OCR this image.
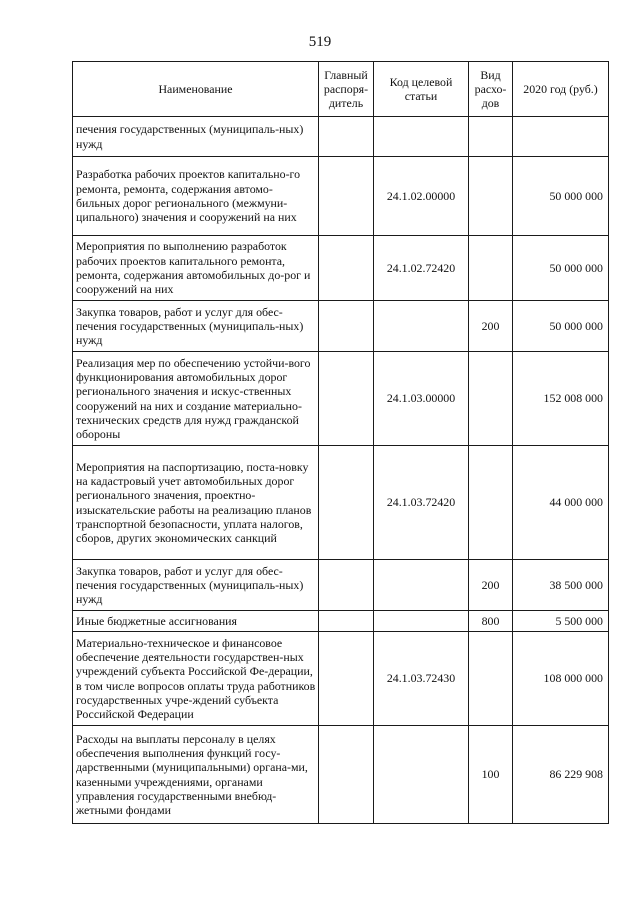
519
Наименование	Главный распоря-дитель	Код целевой статьи	Вид расхо-дов	2020 год (руб.)
печения государственных (муниципаль-ных) нужд				
Разработка рабочих проектов капитально-го ремонта, ремонта, содержания автомо-бильных дорог регионального (межмуни-ципального) значения и сооружений на них		24.1.02.00000		50 000 000
Мероприятия по выполнению разработок рабочих проектов капитального ремонта, ремонта, содержания автомобильных до-рог и сооружений на них		24.1.02.72420		50 000 000
Закупка товаров, работ и услуг для обес-печения государственных (муниципаль-ных) нужд			200	50 000 000
Реализация мер по обеспечению устойчи-вого функционирования автомобильных дорог регионального значения и искус-ственных сооружений на них и создание материально-технических средств для нужд гражданской обороны		24.1.03.00000		152 008 000
Мероприятия на паспортизацию, поста-новку на кадастровый учет автомобильных дорог регионального значения, проектно-изыскательские работы на реализацию планов транспортной безопасности, уплата налогов, сборов, других экономических санкций		24.1.03.72420		44 000 000
Закупка товаров, работ и услуг для обес-печения государственных (муниципаль-ных) нужд			200	38 500 000
Иные бюджетные ассигнования			800	5 500 000
Материально-техническое и финансовое обеспечение деятельности государствен-ных учреждений субъекта Российской Фе-дерации, в том числе вопросов оплаты труда работников государственных учре-ждений субъекта Российской Федерации		24.1.03.72430		108 000 000
Расходы на выплаты персоналу в целях обеспечения выполнения функций госу-дарственными (муниципальными) органа-ми, казенными учреждениями, органами управления государственными внебюд-жетными фондами			100	86 229 908
